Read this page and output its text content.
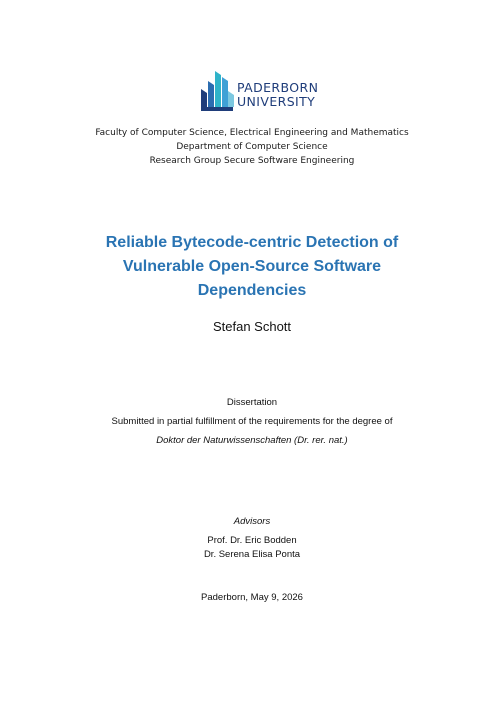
PADERBORN
UNIVERSITY
Faculty of Computer Science, Electrical Engineering and Mathematics
Department of Computer Science
Research Group Secure Software Engineering
Reliable Bytecode-centric Detection of
Vulnerable Open-Source Software
Dependencies
Stefan Schott
Dissertation
Submitted in partial fulfillment of the requirements for the degree of
Doktor der Naturwissenschaften (Dr. rer. nat.)
Advisors
Prof. Dr. Eric Bodden
Dr. Serena Elisa Ponta
Paderborn, May 9, 2026
